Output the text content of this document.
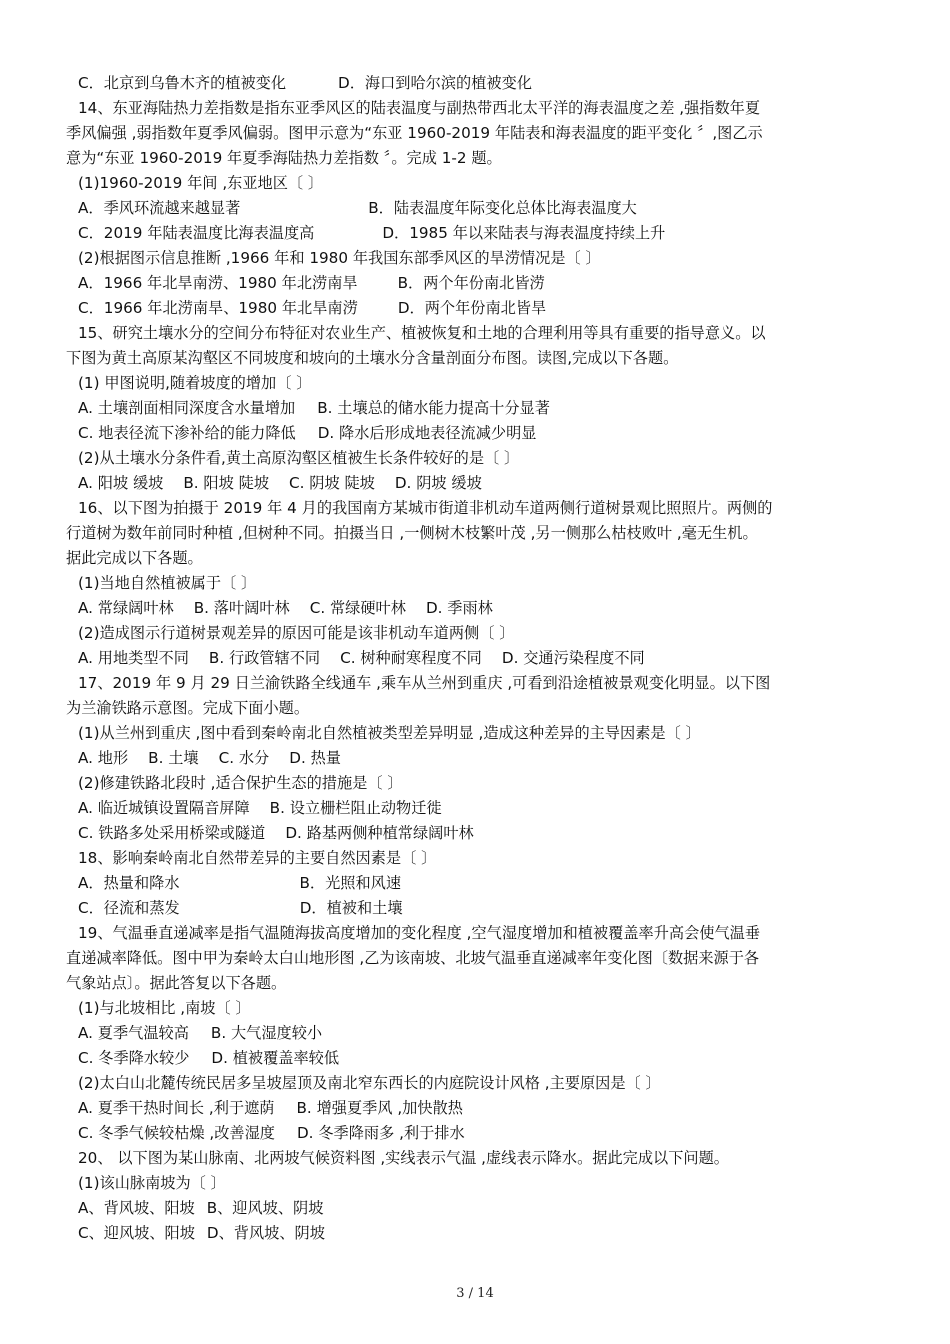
C．北京到乌鲁木齐的植被变化	D．海口到哈尔滨的植被变化
14、东亚海陆热力差指数是指东亚季风区的陆表温度与副热带西北太平洋的海表温度之差 ,强指数年夏
季风偏强 ,弱指数年夏季风偏弱。图甲示意为“东亚 1960-2019 年陆表和海表温度的距平变化 〞,图乙示
意为“东亚 1960-2019 年夏季海陆热力差指数 〞。完成 1-2 题。
(1)1960-2019 年间 ,东亚地区〔 〕
A．季风环流越来越显著	B．陆表温度年际变化总体比海表温度大
C．2019 年陆表温度比海表温度高	D．1985 年以来陆表与海表温度持续上升
(2)根据图示信息推断 ,1966 年和 1980 年我国东部季风区的旱涝情况是〔 〕
A．1966 年北旱南涝、1980 年北涝南旱	B．两个年份南北皆涝
C．1966 年北涝南旱、1980 年北旱南涝	D．两个年份南北皆旱
15、研究土壤水分的空间分布特征对农业生产、植被恢复和土地的合理利用等具有重要的指导意义。以
下图为黄土高原某沟壑区不同坡度和坡向的土壤水分含量剖面分布图。读图,完成以下各题。
(1) 甲图说明,随着坡度的增加〔 〕
A. 土壤剖面相同深度含水量增加 B. 土壤总的储水能力提高十分显著
C. 地表径流下渗补给的能力降低 D. 降水后形成地表径流减少明显
(2)从土壤水分条件看,黄土高原沟壑区植被生长条件较好的是〔 〕
A. 阳坡 缓坡 B. 阳坡 陡坡 C. 阴坡 陡坡 D. 阴坡 缓坡
16、以下图为拍摄于 2019 年 4 月的我国南方某城市街道非机动车道两侧行道树景观比照照片。两侧的
行道树为数年前同时种植 ,但树种不同。拍摄当日 ,一侧树木枝繁叶茂 ,另一侧那么枯枝败叶 ,毫无生机。
据此完成以下各题。
(1)当地自然植被属于〔 〕
A. 常绿阔叶林 B. 落叶阔叶林 C. 常绿硬叶林 D. 季雨林
(2)造成图示行道树景观差异的原因可能是该非机动车道两侧〔 〕
A. 用地类型不同 B. 行政管辖不同 C. 树种耐寒程度不同 D. 交通污染程度不同
17、2019 年 9 月 29 日兰渝铁路全线通车 ,乘车从兰州到重庆 ,可看到沿途植被景观变化明显。以下图
为兰渝铁路示意图。完成下面小题。
(1)从兰州到重庆 ,图中看到秦岭南北自然植被类型差异明显 ,造成这种差异的主导因素是〔 〕
A. 地形 B. 土壤 C. 水分 D. 热量
(2)修建铁路北段时 ,适合保护生态的措施是〔 〕
A. 临近城镇设置隔音屏障 B. 设立栅栏阻止动物迁徙
C. 铁路多处采用桥梁或隧道 D. 路基两侧种植常绿阔叶林
18、影响秦岭南北自然带差异的主要自然因素是〔 〕
A．热量和降水	B．光照和风速
C．径流和蒸发	D．植被和土壤
19、气温垂直递减率是指气温随海拔高度增加的变化程度 ,空气湿度增加和植被覆盖率升高会使气温垂
直递减率降低。图中甲为秦岭太白山地形图 ,乙为该南坡、北坡气温垂直递减率年变化图〔数据来源于各
气象站点〕。据此答复以下各题。
(1)与北坡相比 ,南坡〔 〕
A. 夏季气温较高 B. 大气湿度较小
C. 冬季降水较少 D. 植被覆盖率较低
(2)太白山北麓传统民居多呈坡屋顶及南北窄东西长的内庭院设计风格 ,主要原因是〔 〕
A. 夏季干热时间长 ,利于遮荫 B. 增强夏季风 ,加快散热
C. 冬季气候较枯燥 ,改善湿度 D. 冬季降雨多 ,利于排水
20、 以下图为某山脉南、北两坡气候资料图 ,实线表示气温 ,虚线表示降水。据此完成以下问题。
(1)该山脉南坡为〔 〕
A、背风坡、阳坡 B、迎风坡、阴坡
C、迎风坡、阳坡 D、背风坡、阴坡
3 / 14
